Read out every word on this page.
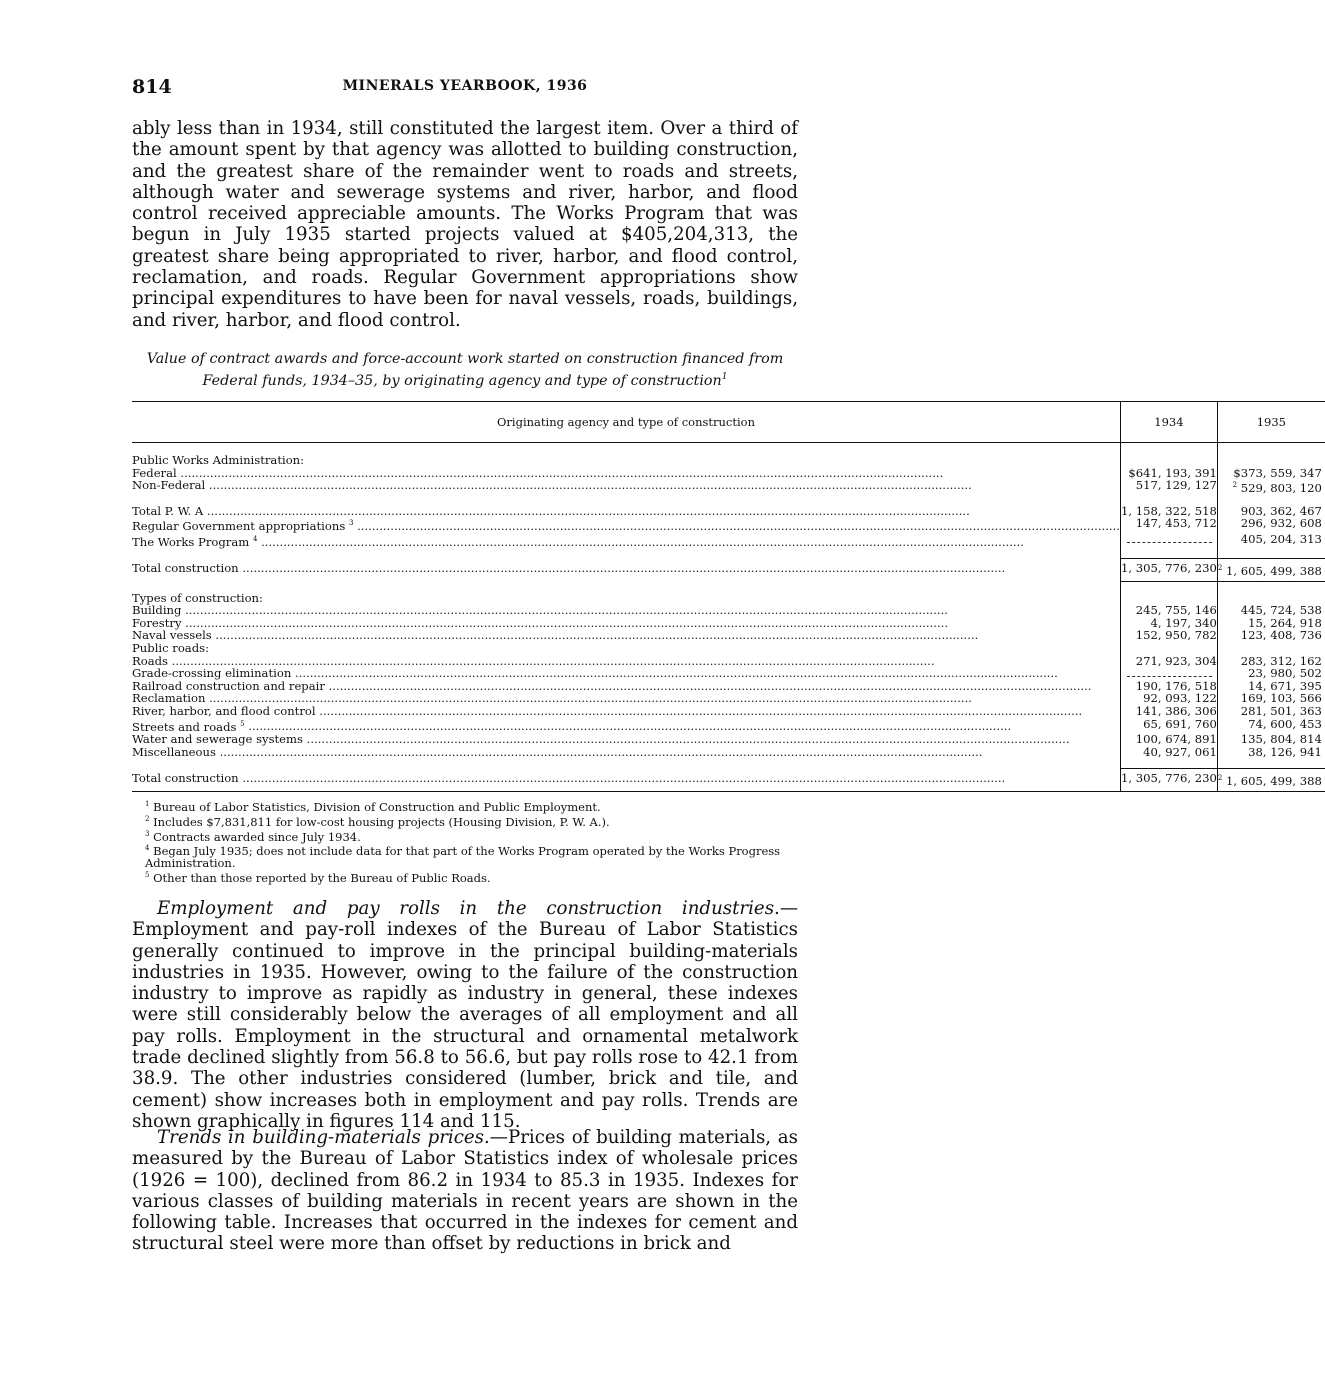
814	MINERALS YEARBOOK, 1936

ably less than in 1934, still constituted the largest item. Over a third of the amount spent by that agency was allotted to building construction, and the greatest share of the remainder went to roads and streets, although water and sewerage systems and river, harbor, and flood control received appreciable amounts. The Works Program that was begun in July 1935 started projects valued at $405,204,313, the greatest share being appropriated to river, harbor, and flood control, reclamation, and roads. Regular Government appropriations show principal expenditures to have been for naval vessels, roads, buildings, and river, harbor, and flood control.

Value of contract awards and force-account work started on construction financed from Federal funds, 1934–35, by originating agency and type of construction$^1$
Originating agency and type of construction	1934	1935

Public Works Administration:		

Federal .....	$641, 193, 391	$373, 559, 347

Non-Federal .....	517, 129, 127	$^2$ 529, 803, 120

Total P. W. A .....	1, 158, 322, 518	903, 362, 467

Regular Government appropriations $^3$ .....	147, 453, 712	296, 932, 608

The Works Program $^4$ .....		405, 204, 313

Total construction .....	1, 305, 776, 230	$^2$ 1, 605, 499, 388

Types of construction:		

Building .....	245, 755, 146	445, 724, 538

Forestry .....	4, 197, 340	15, 264, 918

Naval vessels .....	152, 950, 782	123, 408, 736
Public roads:		

Roads .....	271, 923, 304	283, 312, 162

Grade-crossing elimination .....		23, 980, 502

Railroad construction and repair .....	190, 176, 518	14, 671, 395

Reclamation .....	92, 093, 122	169, 103, 566

River, harbor, and flood control .....	141, 386, 306	281, 501, 363

Streets and roads $^5$ .....	65, 691, 760	74, 600, 453

Water and sewerage systems .....	100, 674, 891	135, 804, 814

Miscellaneous .....	40, 927, 061	38, 126, 941

Total construction .....	1, 305, 776, 230	$^2$ 1, 605, 499, 388
$^1$ Bureau of Labor Statistics, Division of Construction and Public Employment.
$^2$ Includes $7,831,811 for low-cost housing projects (Housing Division, P. W. A.).
$^3$ Contracts awarded since July 1934.
$^4$ Began July 1935; does not include data for that part of the Works Program operated by the Works Progress Administration.
$^5$ Other than those reported by the Bureau of Public Roads.

Employment and pay rolls in the construction industries.—Employment and pay-roll indexes of the Bureau of Labor Statistics generally continued to improve in the principal building-materials industries in 1935. However, owing to the failure of the construction industry to improve as rapidly as industry in general, these indexes were still considerably below the averages of all employment and all pay rolls. Employment in the structural and ornamental metalwork trade declined slightly from 56.8 to 56.6, but pay rolls rose to 42.1 from 38.9. The other industries considered (lumber, brick and tile, and cement) show increases both in employment and pay rolls. Trends are shown graphically in figures 114 and 115.

Trends in building-materials prices.—Prices of building materials, as measured by the Bureau of Labor Statistics index of wholesale prices (1926 = 100), declined from 86.2 in 1934 to 85.3 in 1935. Indexes for various classes of building materials in recent years are shown in the following table. Increases that occurred in the indexes for cement and structural steel were more than offset by reductions in brick and
